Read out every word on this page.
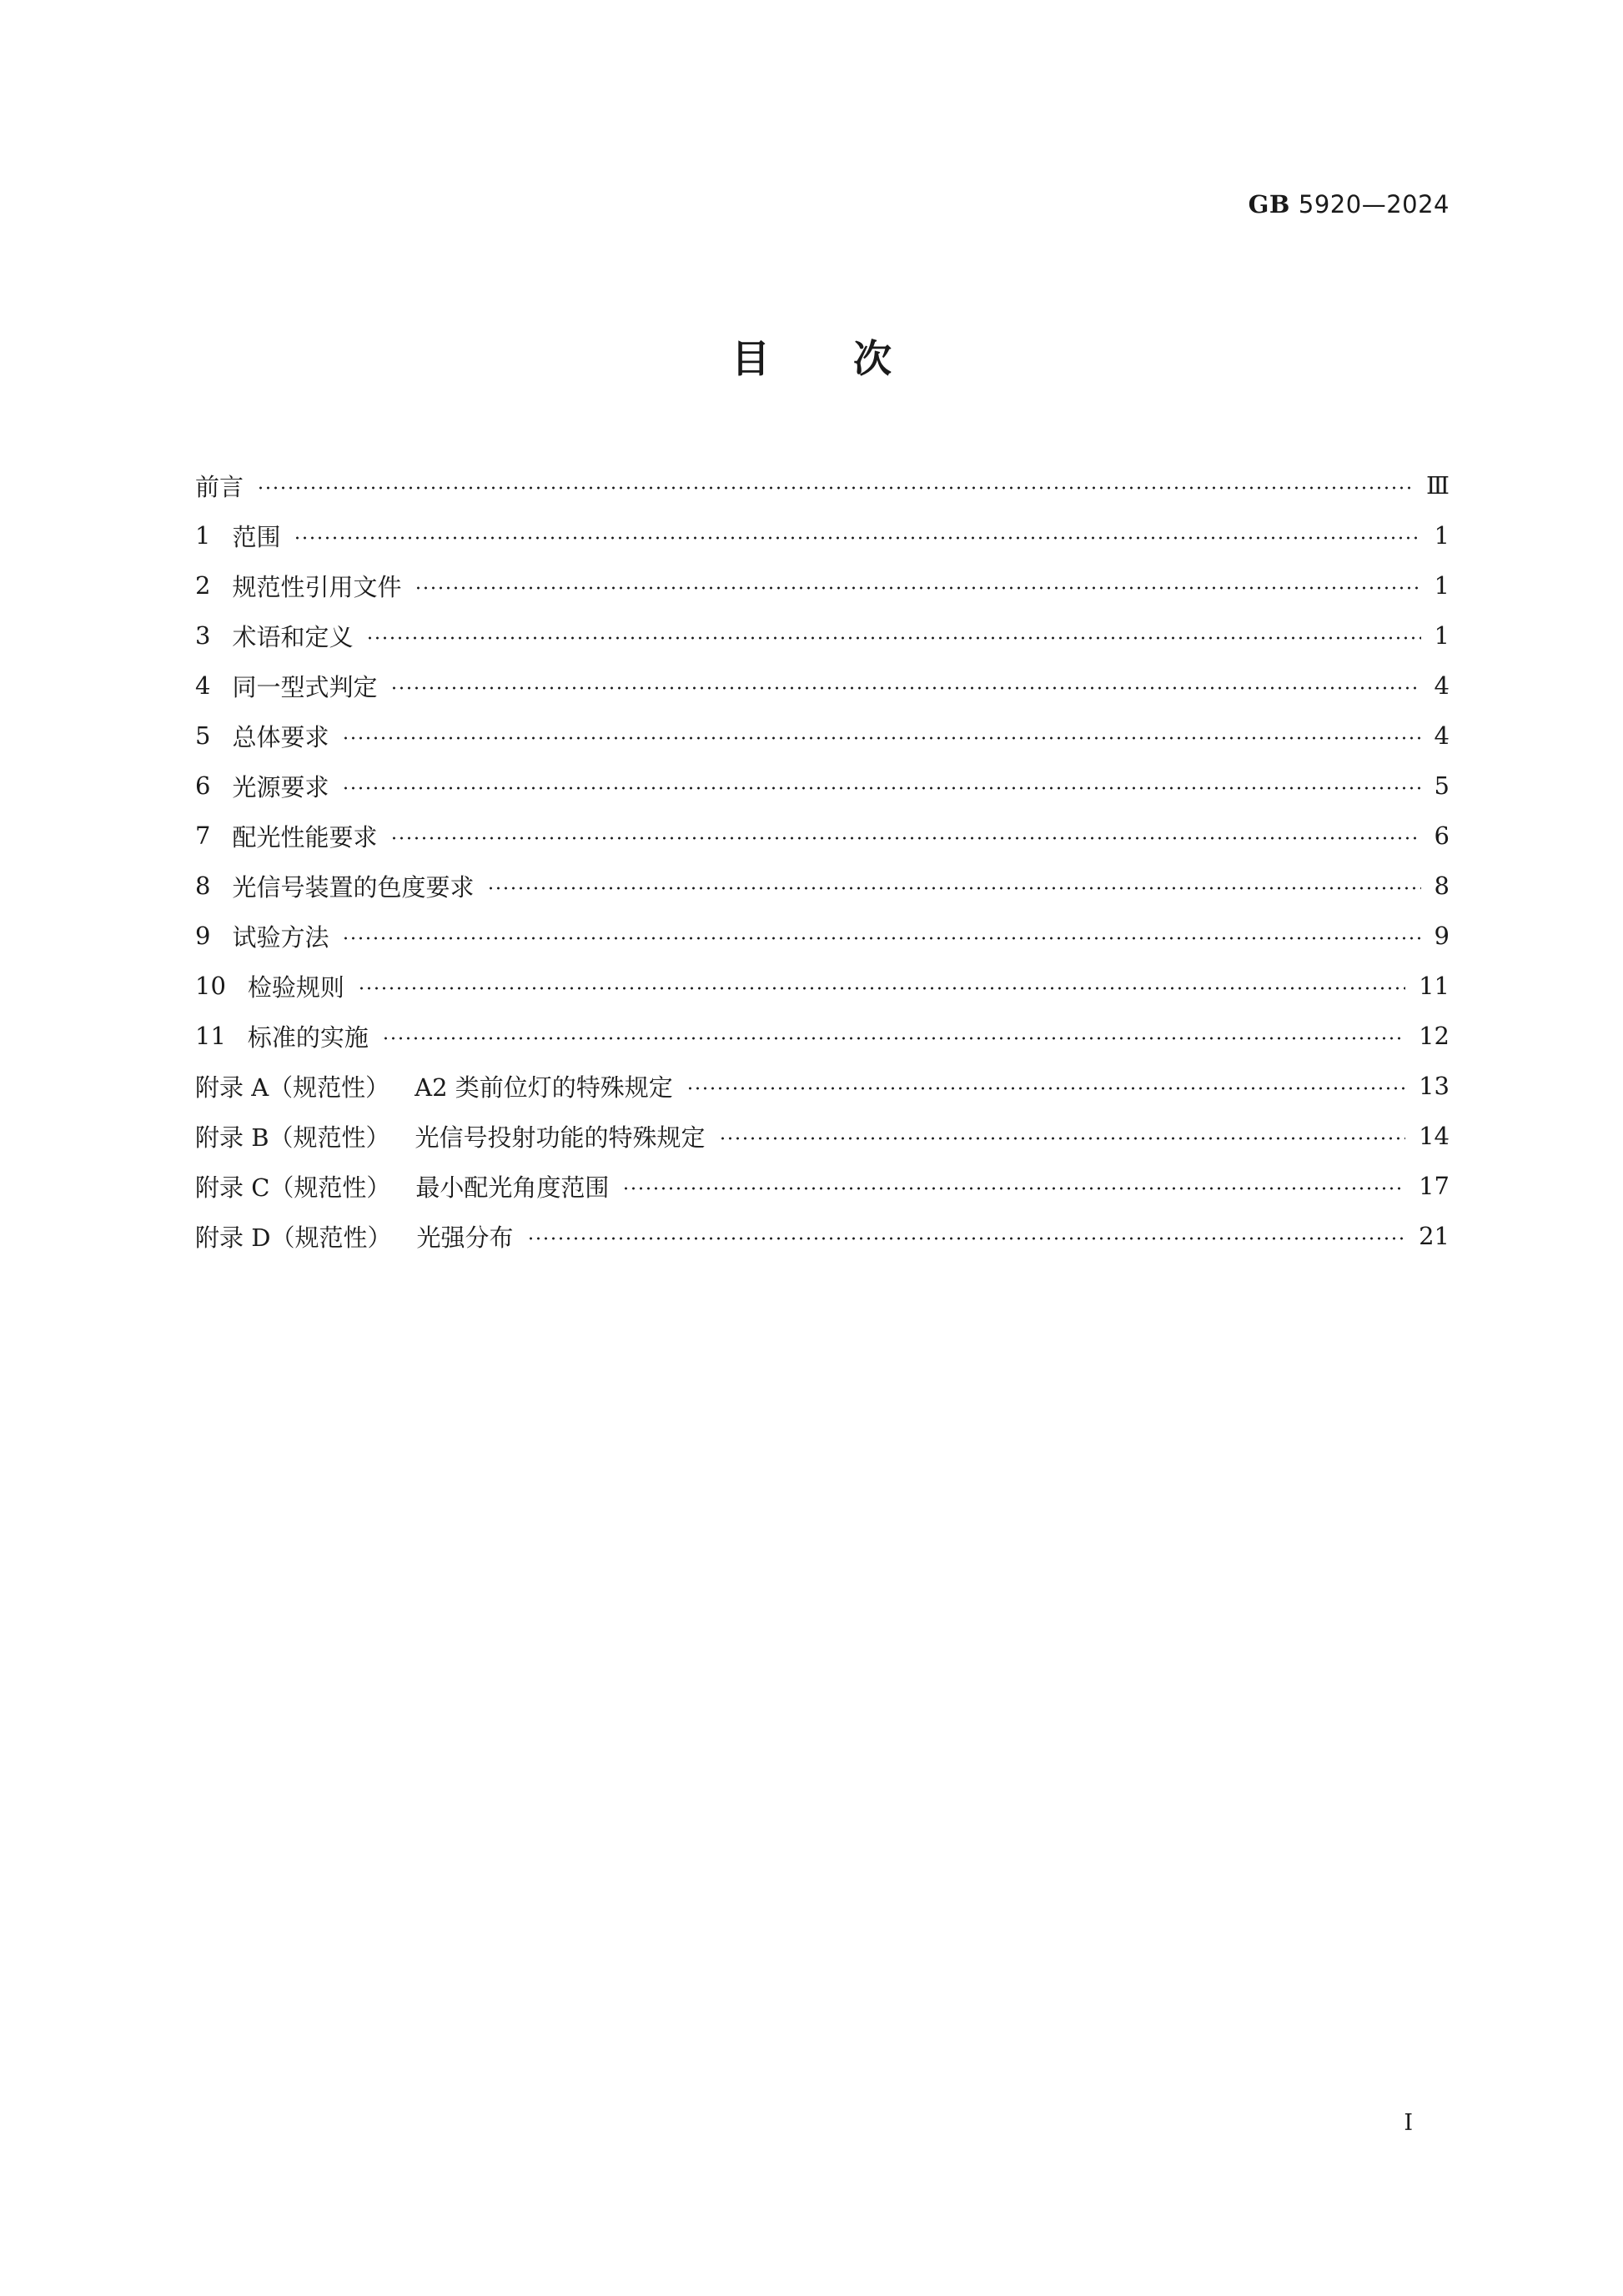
GB 5920—2024
目次
前言	Ⅲ
1 范围	1
2 规范性引用文件	1
3 术语和定义	1
4 同一型式判定	4
5 总体要求	4
6 光源要求	5
7 配光性能要求	6
8 光信号装置的色度要求	8
9 试验方法	9
10 检验规则	11
11 标准的实施	12
附录 A（规范性） A2 类前位灯的特殊规定	13
附录 B（规范性） 光信号投射功能的特殊规定	14
附录 C（规范性） 最小配光角度范围	17
附录 D（规范性） 光强分布	21
I
